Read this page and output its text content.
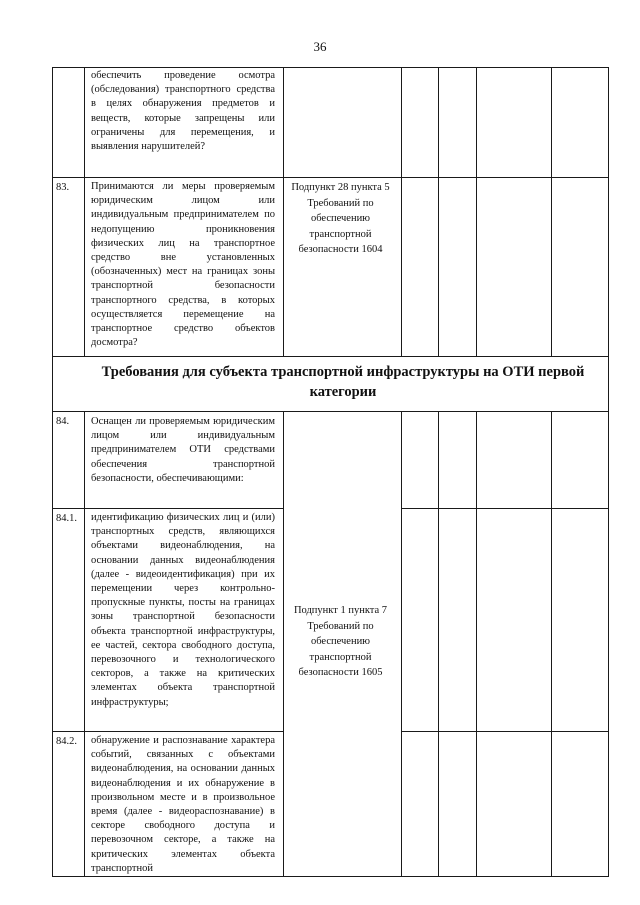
36
обеспечить проведение осмотра (обследования) транспортного средства в целях обнаружения предметов и веществ, которые запрещены или ограничены для перемещения, и выявления нарушителей?
83. Принимаются ли меры проверяемым юридическим лицом или индивидуальным предпринимателем по недопущению проникновения физических лиц на транспортное средство вне установленных (обозначенных) мест на границах зоны транспортной безопасности транспортного средства, в которых осуществляется перемещение на транспортное средство объектов досмотра?
Подпункт 28 пункта 5 Требований по обеспечению транспортной безопасности 1604
Требования для субъекта транспортной инфраструктуры на ОТИ первой категории
84. Оснащен ли проверяемым юридическим лицом или индивидуальным предпринимателем ОТИ средствами обеспечения транспортной безопасности, обеспечивающими:
84.1. идентификацию физических лиц и (или) транспортных средств, являющихся объектами видеонаблюдения, на основании данных видеонаблюдения (далее - видеоидентификация) при их перемещении через контрольно-пропускные пункты, посты на границах зоны транспортной безопасности объекта транспортной инфраструктуры, ее частей, сектора свободного доступа, перевозочного и технологического секторов, а также на критических элементах объекта транспортной инфраструктуры;
Подпункт 1 пункта 7 Требований по обеспечению транспортной безопасности 1605
84.2. обнаружение и распознавание характера событий, связанных с объектами видеонаблюдения, на основании данных видеонаблюдения и их обнаружение в произвольном месте и в произвольное время (далее - видеораспознавание) в секторе свободного доступа и перевозочном секторе, а также на критических элементах объекта транспортной
